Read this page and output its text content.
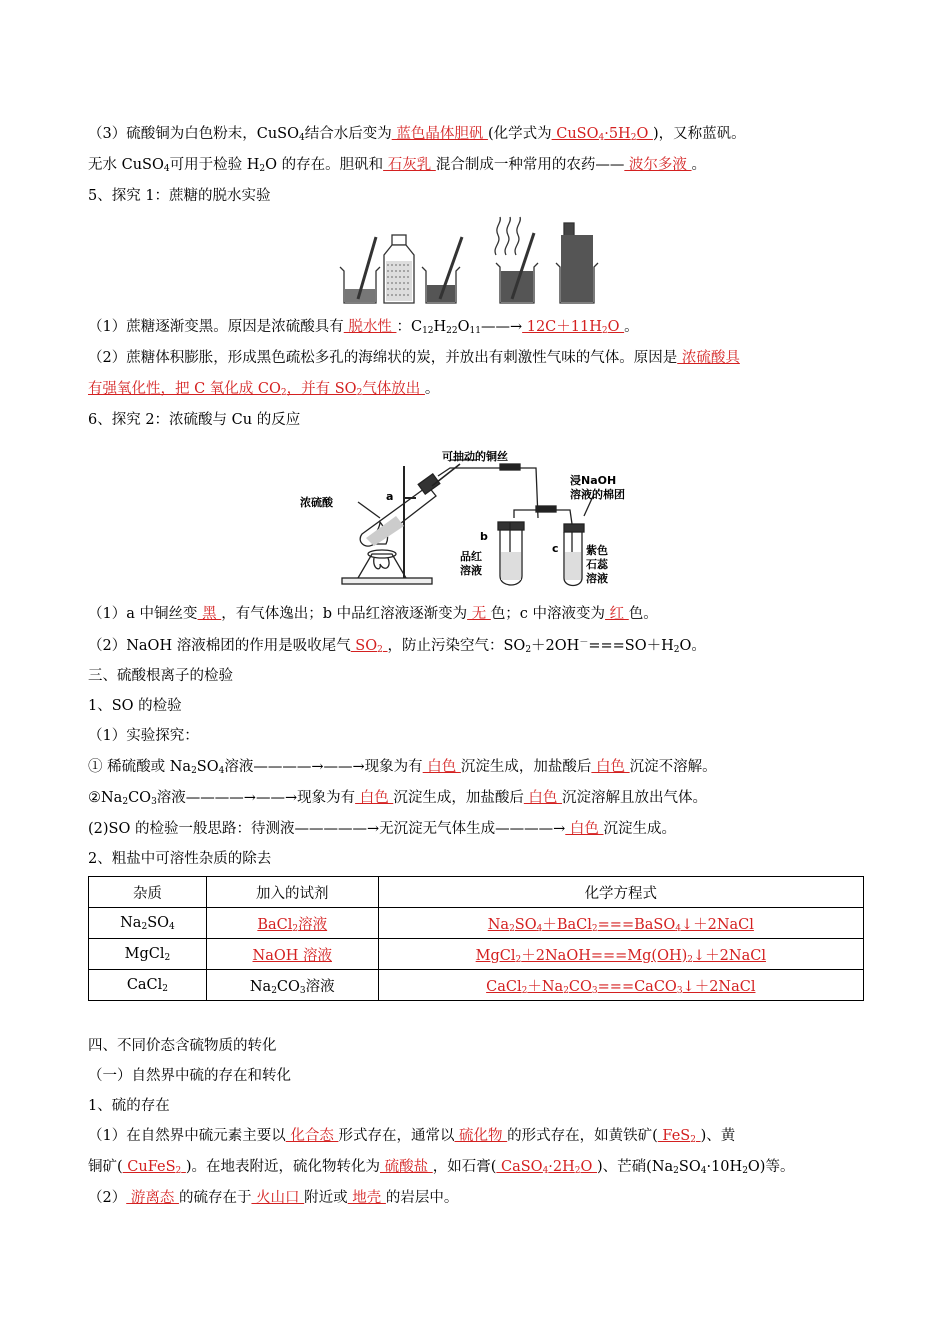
（3）硫酸铜为白色粉末，CuSO$_4$结合水后变为 蓝色晶体胆矾 (化学式为 $CuSO_4\cdot 5H_2O$ )，又称蓝矾。
无水 CuSO$_4$可用于检验 $H_2O$ 的存在。胆矾和 石灰乳 混合制成一种常用的农药—— 波尔多液 。
5、探究 1：蔗糖的脱水实验
（1）蔗糖逐渐变黑。原因是浓硫酸具有 脱水性 ：$C_{12}H_{22}O_{11}——\to 12C+11H_2O$ 。
（2）蔗糖体积膨胀，形成黑色疏松多孔的海绵状的炭，并放出有刺激性气味的气体。原因是 浓硫酸具
有强氧化性，把 C 氧化成 $CO_2$，并有 $SO_2$气体放出 。
6、探究 2：浓硫酸与 Cu 的反应
可抽动的铜丝
浓硫酸	a
b
c
浸NaOH
溶液的棉团
品红
溶液
紫色
石蕊
溶液
（1）a 中铜丝变 黑 ，有气体逸出；b 中品红溶液逐渐变为 无 色；c 中溶液变为 红 色。
（2）NaOH 溶液棉团的作用是吸收尾气 $SO_2$ ，防止污染空气：$SO_2+2OH^-===SO+H_2O$。
三、硫酸根离子的检验
1、SO 的检验
（1）实验探究：
① 稀硫酸或 $Na_2SO_4$溶液————→——→现象为有 白色 沉淀生成，加盐酸后 白色 沉淀不溶解。
$②Na_2CO_3$溶液————→——→现象为有 白色 沉淀生成，加盐酸后 白色 沉淀溶解且放出气体。
(2)SO 的检验一般思路：待测液—————→无沉淀无气体生成————→ 白色 沉淀生成。
2、粗盐中可溶性杂质的除去
杂质	加入的试剂	化学方程式
$Na_2SO_4$	BaCl$_2$溶液	$Na_2SO_4+BaCl_2===BaSO_4↓+2NaCl$
MgCl$_2$	NaOH 溶液	$MgCl_2+2NaOH===Mg(OH)_2↓+2NaCl$
CaCl$_2$	$Na_2CO_3$溶液	$CaCl_2+Na_2CO_3===CaCO_3↓+2NaCl$
四、不同价态含硫物质的转化
（一）自然界中硫的存在和转化
1、硫的存在
（1）在自然界中硫元素主要以 化合态 形式存在，通常以 硫化物 的形式存在，如黄铁矿( FeS$_2$ )、黄
铜矿( CuFeS$_2$ )。在地表附近，硫化物转化为 硫酸盐 ，如石膏( $CaSO_4\cdot 2H_2O$ )、芒硝$(Na_2SO_4\cdot 10H_2O)$等。
（2） 游离态 的硫存在于 火山口 附近或 地壳 的岩层中。
